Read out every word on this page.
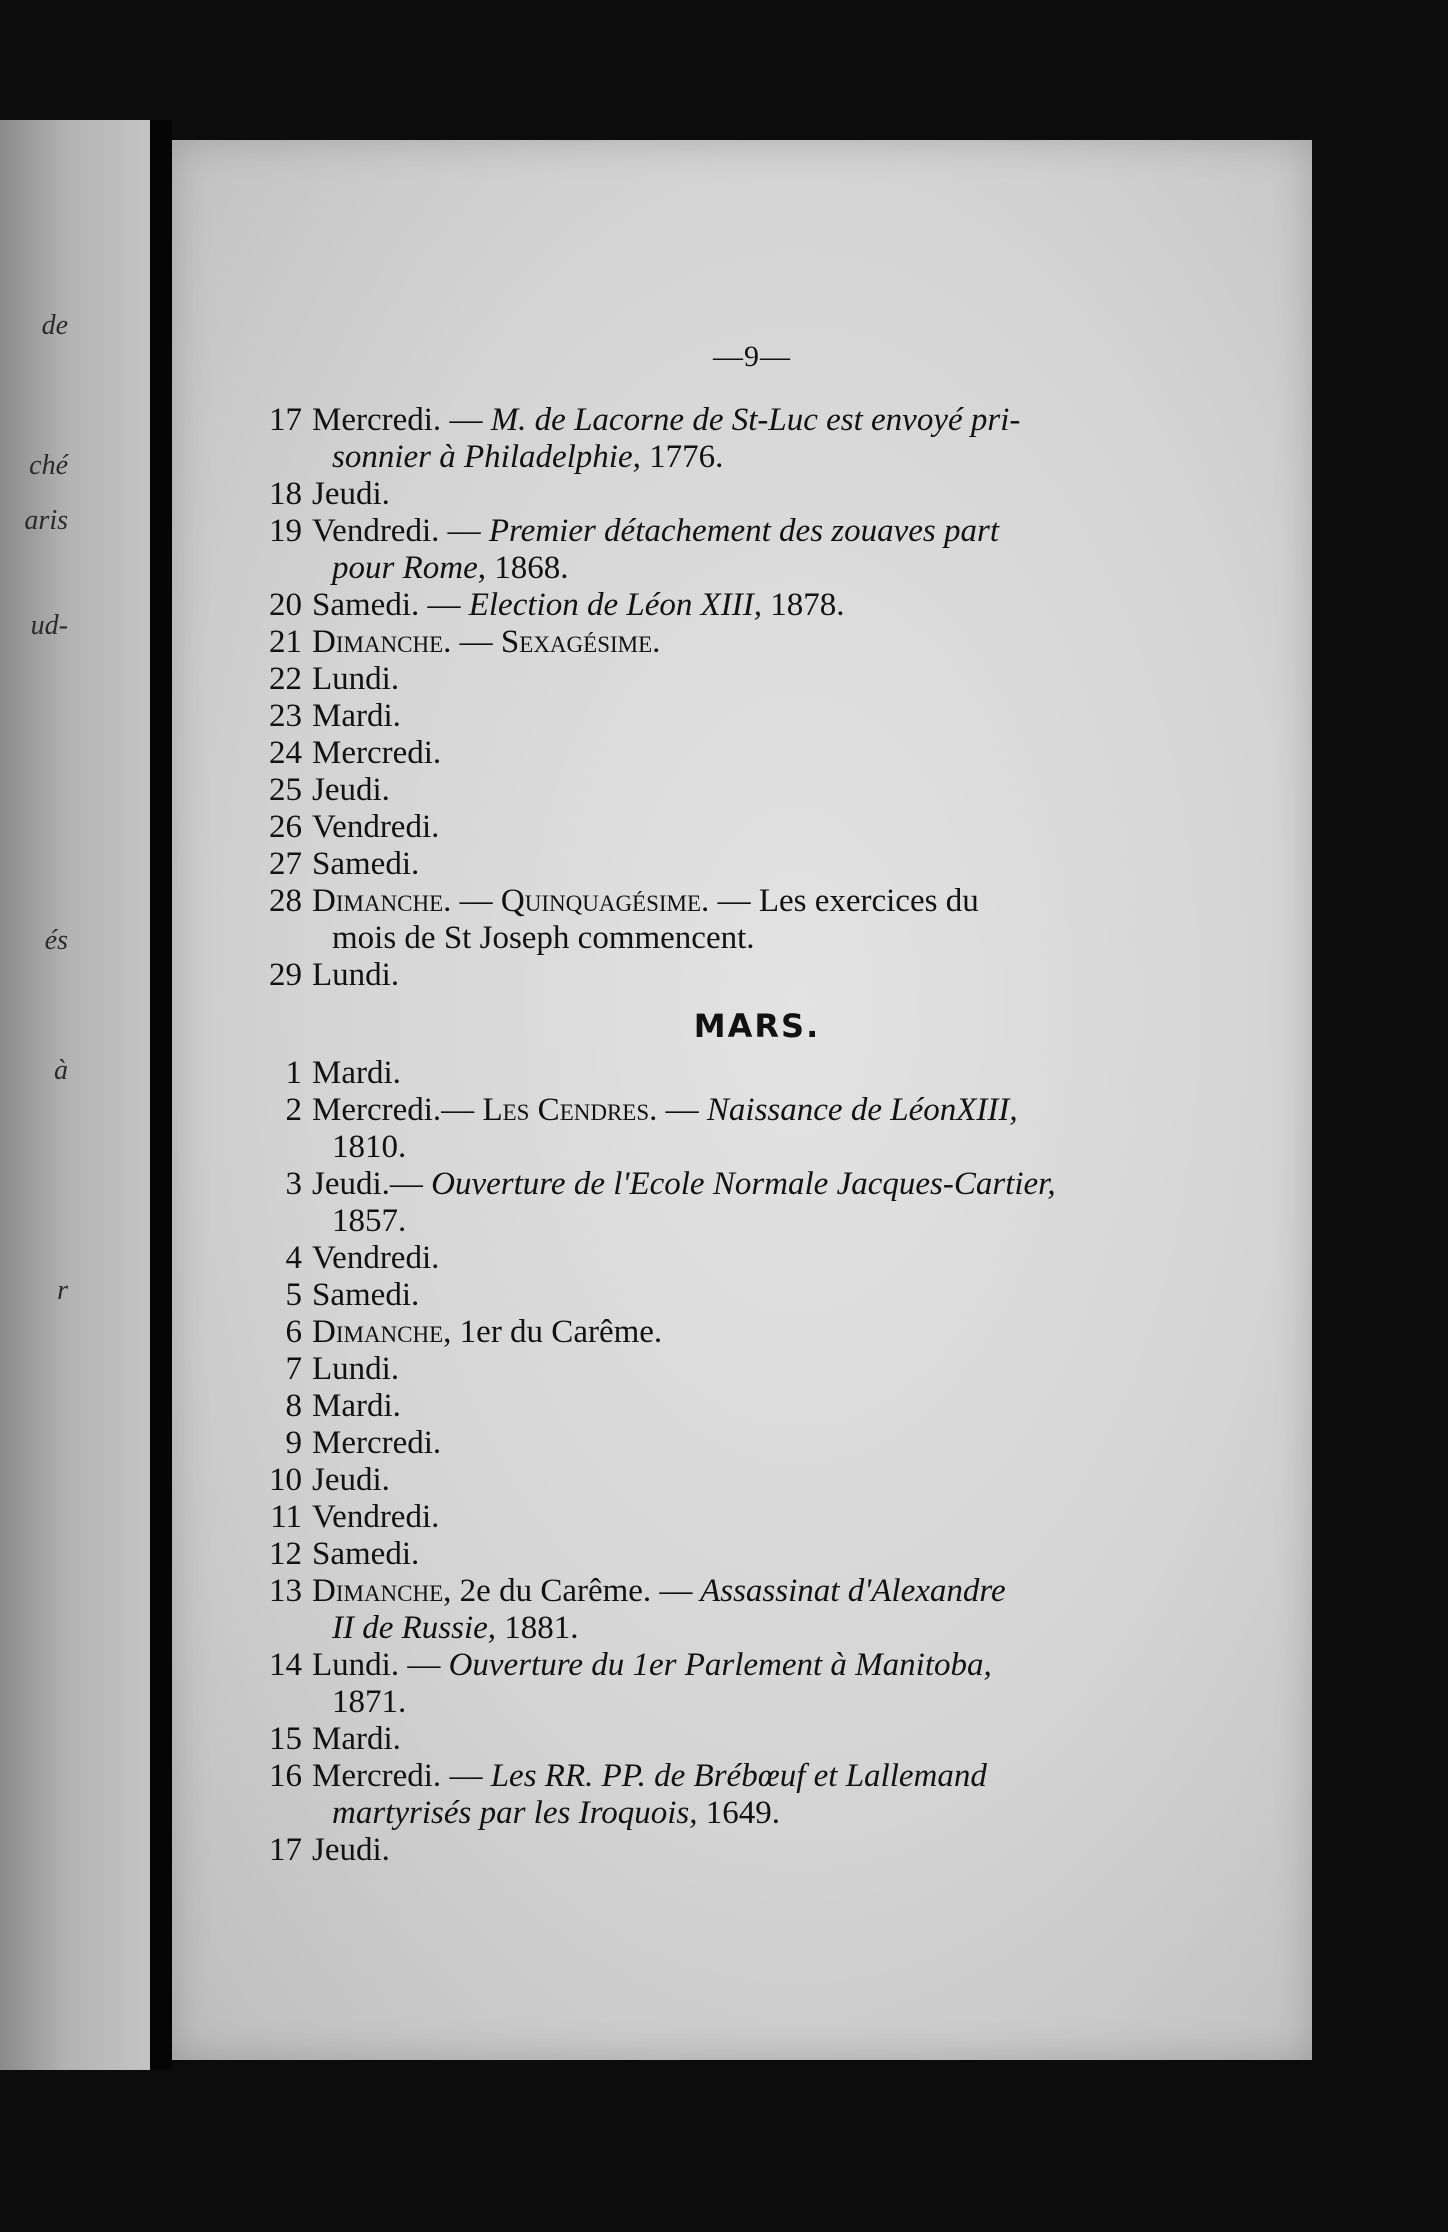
de
ché
aris
ud-
és
à
r
—9—
17 Mercredi. — M. de Lacorne de St-Luc est envoyé pri-
sonnier à Philadelphie, 1776.
18 Jeudi.
19 Vendredi. — Premier détachement des zouaves part
pour Rome, 1868.
20 Samedi. — Election de Léon XIII, 1878.
21 Dimanche. — Sexagésime.
22 Lundi.
23 Mardi.
24 Mercredi.
25 Jeudi.
26 Vendredi.
27 Samedi.
28 Dimanche. — Quinquagésime. — Les exercices du
mois de St Joseph commencent.
29 Lundi.
MARS.
1 Mardi.
2 Mercredi.— Les Cendres. — Naissance de LéonXIII,
1810.
3 Jeudi.— Ouverture de l'Ecole Normale Jacques-Cartier,
1857.
4 Vendredi.
5 Samedi.
6 Dimanche, 1er du Carême.
7 Lundi.
8 Mardi.
9 Mercredi.
10 Jeudi.
11 Vendredi.
12 Samedi.
13 Dimanche, 2e du Carême. — Assassinat d'Alexandre
II de Russie, 1881.
14 Lundi. — Ouverture du 1er Parlement à Manitoba,
1871.
15 Mardi.
16 Mercredi. — Les RR. PP. de Brébœuf et Lallemand
martyrisés par les Iroquois, 1649.
17 Jeudi.
